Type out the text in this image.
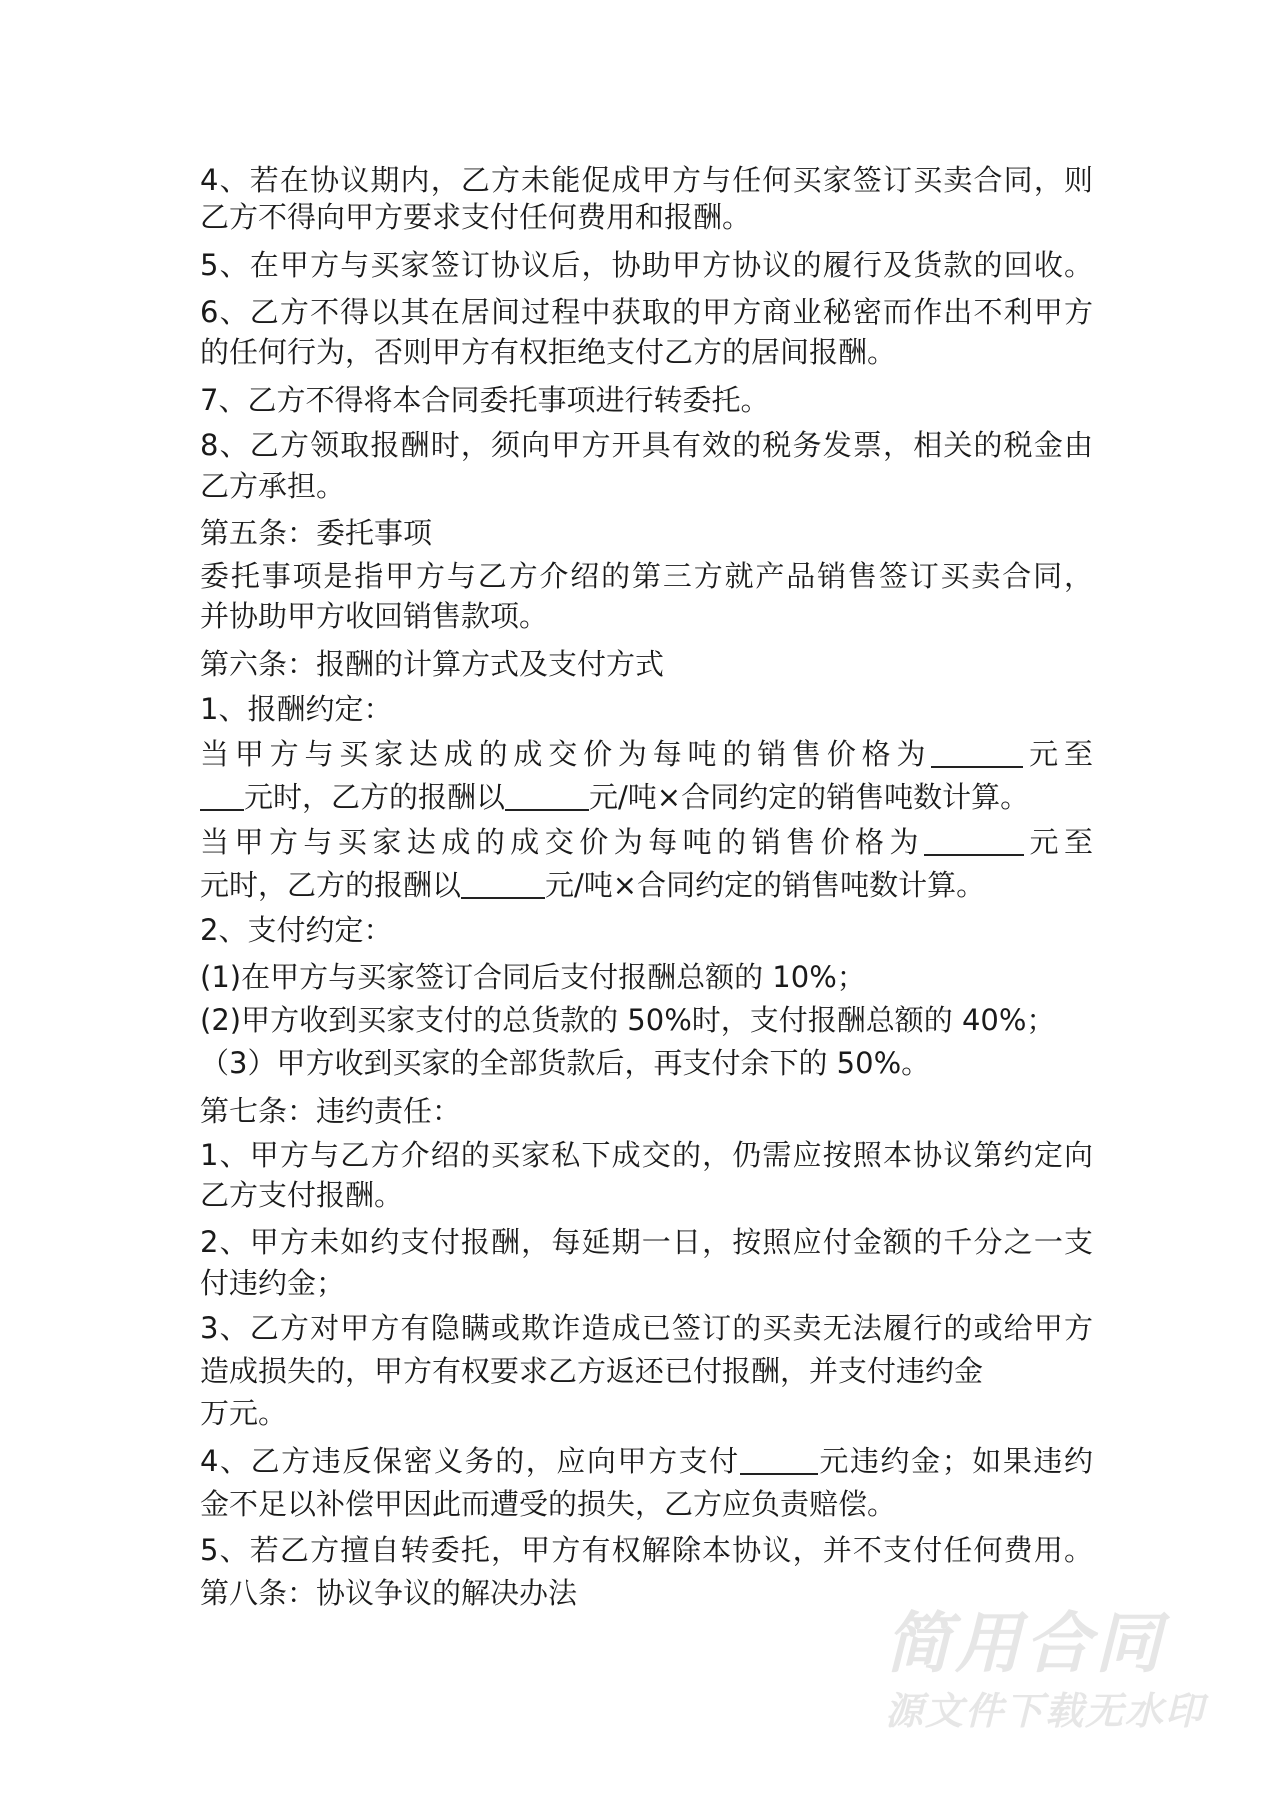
4、若在协议期内，乙方未能促成甲方与任何买家签订买卖合同，则
乙方不得向甲方要求支付任何费用和报酬。
5、在甲方与买家签订协议后，协助甲方协议的履行及货款的回收。
6、乙方不得以其在居间过程中获取的甲方商业秘密而作出不利甲方
的任何行为，否则甲方有权拒绝支付乙方的居间报酬。
7、乙方不得将本合同委托事项进行转委托。
8、乙方领取报酬时，须向甲方开具有效的税务发票，相关的税金由
乙方承担。
第五条：委托事项
委托事项是指甲方与乙方介绍的第三方就产品销售签订买卖合同，
并协助甲方收回销售款项。
第六条：报酬的计算方式及支付方式
1、报酬约定：
当甲方与买家达成的成交价为每吨的销售价格为	元至
元时，乙方的报酬以	元/吨×合同约定的销售吨数计算。
当甲方与买家达成的成交价为每吨的销售价格为	元至
元时，乙方的报酬以	元/吨×合同约定的销售吨数计算。
2、支付约定：
(1)在甲方与买家签订合同后支付报酬总额的 10%；
(2)甲方收到买家支付的总货款的 50%时，支付报酬总额的 40%；
（3）甲方收到买家的全部货款后，再支付余下的 50%。
第七条：违约责任：
1、甲方与乙方介绍的买家私下成交的，仍需应按照本协议第约定向
乙方支付报酬。
2、甲方未如约支付报酬，每延期一日，按照应付金额的千分之一支
付违约金；
3、乙方对甲方有隐瞒或欺诈造成已签订的买卖无法履行的或给甲方
造成损失的，甲方有权要求乙方返还已付报酬，并支付违约金
万元。
4、乙方违反保密义务的，应向甲方支付	元违约金；如果违约
金不足以补偿甲因此而遭受的损失，乙方应负责赔偿。
5、若乙方擅自转委托，甲方有权解除本协议，并不支付任何费用。
第八条：协议争议的解决办法
简用合同
源文件下载无水印
